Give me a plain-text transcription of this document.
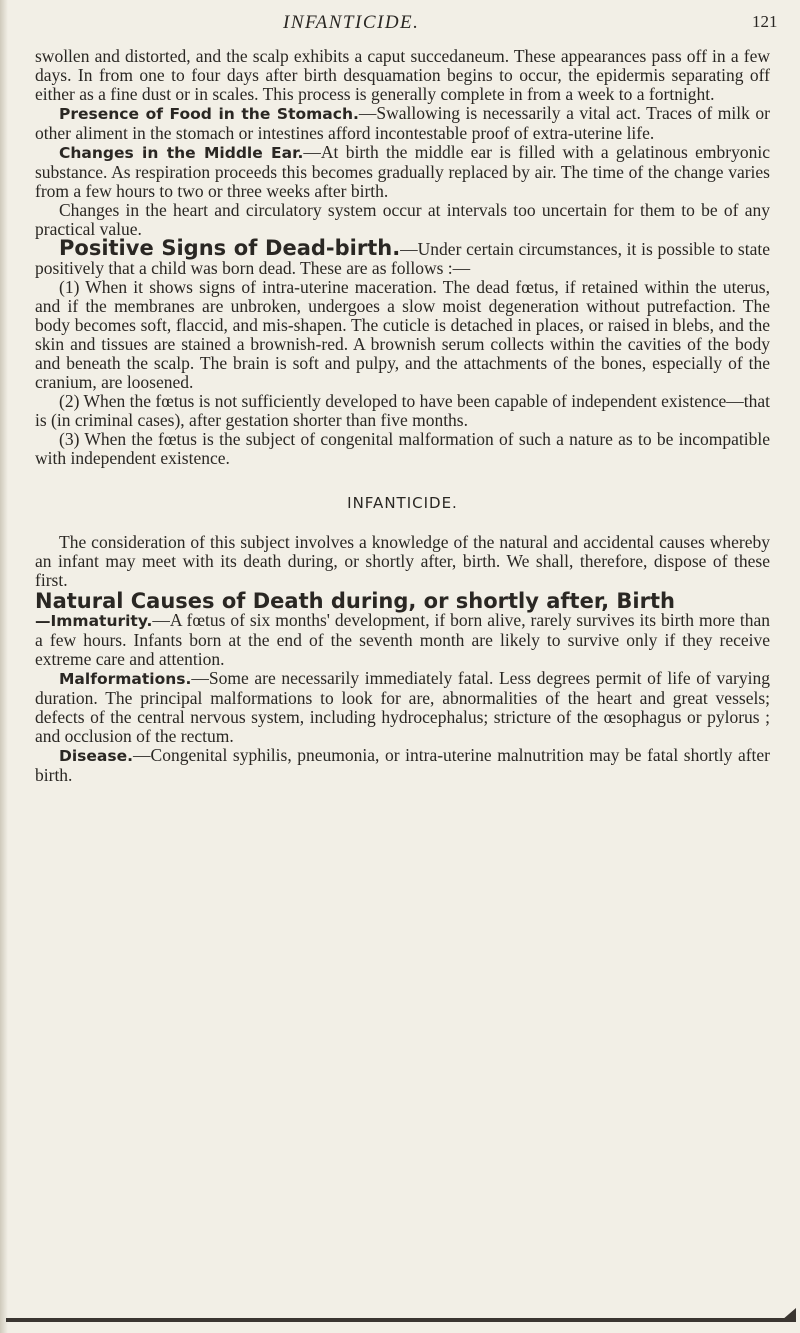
INFANTICIDE.	121

swollen and distorted, and the scalp exhibits a caput succedaneum. These appearances pass off in a few days. In from one to four days after birth desquamation begins to occur, the epidermis separating off either as a fine dust or in scales. This process is generally complete in from a week to a fortnight.

Presence of Food in the Stomach.—Swallowing is necessarily a vital act. Traces of milk or other aliment in the stomach or intestines afford incontestable proof of extra-uterine life.

Changes in the Middle Ear.—At birth the middle ear is filled with a gelatinous embryonic substance. As respiration proceeds this becomes gradually replaced by air. The time of the change varies from a few hours to two or three weeks after birth.

Changes in the heart and circulatory system occur at intervals too uncertain for them to be of any practical value.

Positive Signs of Dead-birth.—Under certain circumstances, it is possible to state positively that a child was born dead. These are as follows :—

(1) When it shows signs of intra-uterine maceration. The dead fœtus, if retained within the uterus, and if the membranes are unbroken, undergoes a slow moist degeneration without putrefaction. The body becomes soft, flaccid, and mis-shapen. The cuticle is detached in places, or raised in blebs, and the skin and tissues are stained a brownish-red. A brownish serum collects within the cavities of the body and beneath the scalp. The brain is soft and pulpy, and the attachments of the bones, especially of the cranium, are loosened.

(2) When the fœtus is not sufficiently developed to have been capable of independent existence—that is (in criminal cases), after gestation shorter than five months.

(3) When the fœtus is the subject of congenital malformation of such a nature as to be incompatible with independent existence.

INFANTICIDE.

The consideration of this subject involves a knowledge of the natural and accidental causes whereby an infant may meet with its death during, or shortly after, birth. We shall, therefore, dispose of these first.

Natural Causes of Death during, or shortly after, Birth

—Immaturity.—A fœtus of six months' development, if born alive, rarely survives its birth more than a few hours. Infants born at the end of the seventh month are likely to survive only if they receive extreme care and attention.

Malformations.—Some are necessarily immediately fatal. Less degrees permit of life of varying duration. The principal malformations to look for are, abnormalities of the heart and great vessels; defects of the central nervous system, including hydrocephalus; stricture of the œsophagus or pylorus ; and occlusion of the rectum.

Disease.—Congenital syphilis, pneumonia, or intra-uterine malnutrition may be fatal shortly after birth.
